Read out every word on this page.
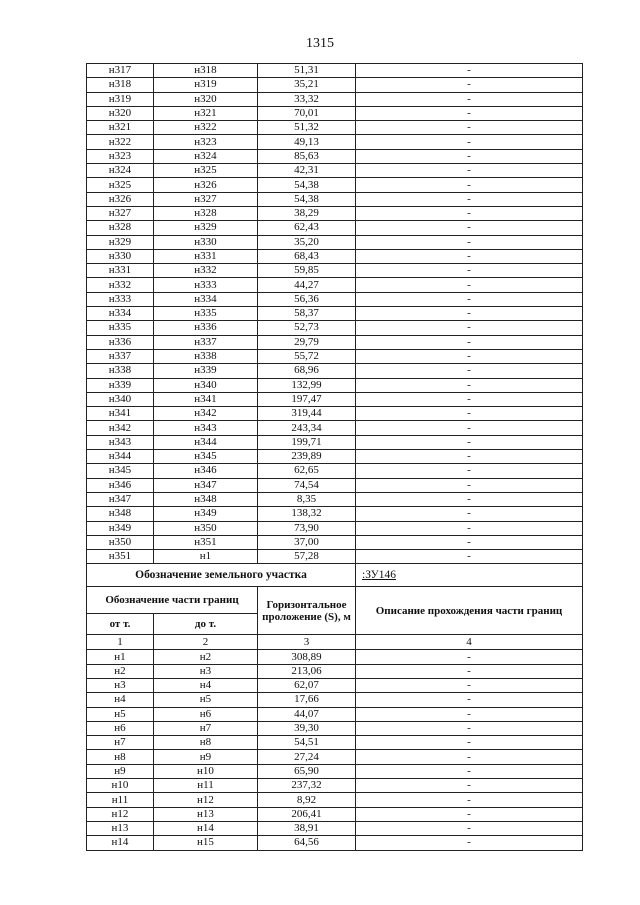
1315
н317	н318	51,31	-
н318	н319	35,21	-
н319	н320	33,32	-
н320	н321	70,01	-
н321	н322	51,32	-
н322	н323	49,13	-
н323	н324	85,63	-
н324	н325	42,31	-
н325	н326	54,38	-
н326	н327	54,38	-
н327	н328	38,29	-
н328	н329	62,43	-
н329	н330	35,20	-
н330	н331	68,43	-
н331	н332	59,85	-
н332	н333	44,27	-
н333	н334	56,36	-
н334	н335	58,37	-
н335	н336	52,73	-
н336	н337	29,79	-
н337	н338	55,72	-
н338	н339	68,96	-
н339	н340	132,99	-
н340	н341	197,47	-
н341	н342	319,44	-
н342	н343	243,34	-
н343	н344	199,71	-
н344	н345	239,89	-
н345	н346	62,65	-
н346	н347	74,54	-
н347	н348	8,35	-
н348	н349	138,32	-
н349	н350	73,90	-
н350	н351	37,00	-
н351	н1	57,28	-
Обозначение земельного участка			:ЗУ146
Обозначение части границ		Горизонтальное проложение (S), м	Описание прохождения части границ
от т.	до т.		
1	2	3	4
н1	н2	308,89	-
н2	н3	213,06	-
н3	н4	62,07	-
н4	н5	17,66	-
н5	н6	44,07	-
н6	н7	39,30	-
н7	н8	54,51	-
н8	н9	27,24	-
н9	н10	65,90	-
н10	н11	237,32	-
н11	н12	8,92	-
н12	н13	206,41	-
н13	н14	38,91	-
н14	н15	64,56	-
